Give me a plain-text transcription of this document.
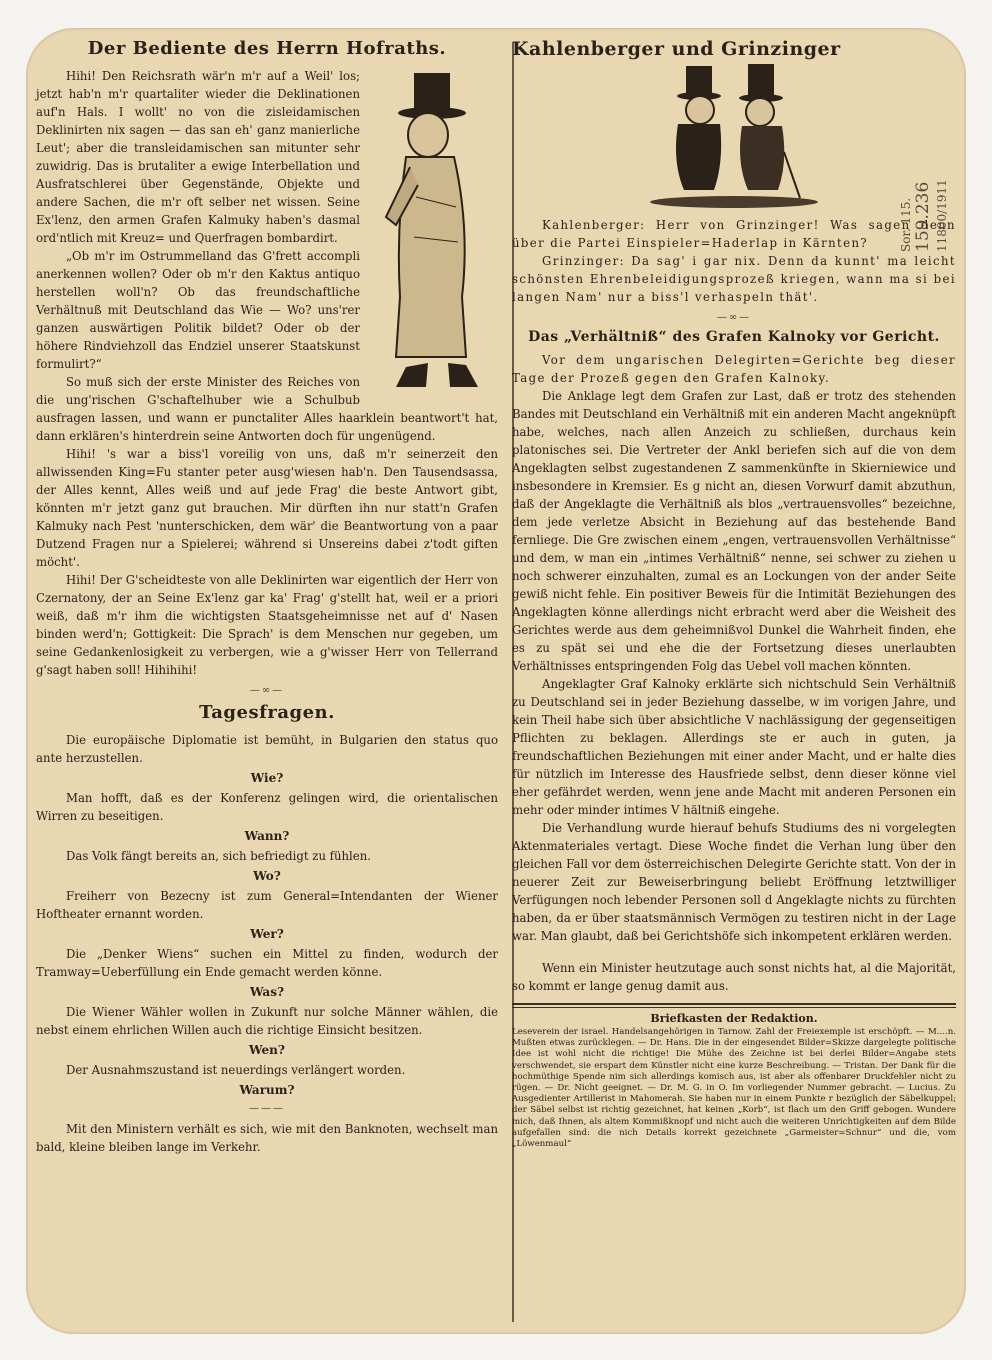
Der Bediente des Herrn Hofraths.

Hihi! Den Reichsrath wär'n m'r auf a Weil' los; jetzt hab'n m'r quartaliter wieder die Deklinationen auf'n Hals. I wollt' no von die zisleidamischen Deklinirten nix sagen — das san eh' ganz manierliche Leut'; aber die transleidamischen san mitunter sehr zuwidrig. Das is brutaliter a ewige Interbellation und Ausfratschlerei über Gegenstände, Objekte und andere Sachen, die m'r oft selber net wissen. Seine Ex'lenz, den armen Grafen Kalmuky haben's dasmal ord'ntlich mit Kreuz= und Querfragen bombardirt.

„Ob m'r im Ostrummelland das G'frett accompli anerkennen wollen? Oder ob m'r den Kaktus antiquo herstellen woll'n? Ob das freundschaftliche Verhältnuß mit Deutschland das Wie — Wo? uns'rer ganzen auswärtigen Politik bildet? Oder ob der höhere Rindviehzoll das Endziel unserer Staatskunst formulirt?“

So muß sich der erste Minister des Reiches von die ung'rischen G'schaftelhuber wie a Schulbub ausfragen lassen, und wann er punctaliter Alles haarklein beantwort't hat, dann erklären's hinterdrein seine Antworten doch für ungenügend.

Hihi! 's war a biss'l voreilig von uns, daß m'r seinerzeit den allwissenden King=Fu stanter peter ausg'wiesen hab'n. Den Tausendsassa, der Alles kennt, Alles weiß und auf jede Frag' die beste Antwort gibt, könnten m'r jetzt ganz gut brauchen. Mir dürften ihn nur statt'n Grafen Kalmuky nach Pest 'nunterschicken, dem wär' die Beantwortung von a paar Dutzend Fragen nur a Spielerei; während si Unsereins dabei z'todt giften möcht'.

Hihi! Der G'scheidteste von alle Deklinirten war eigentlich der Herr von Czernatony, der an Seine Ex'lenz gar ka' Frag' g'stellt hat, weil er a priori weiß, daß m'r ihm die wichtigsten Staatsgeheimnisse net auf d' Nasen binden werd'n; Gottigkeit: Die Sprach' is dem Menschen nur gegeben, um seine Gedankenlosigkeit zu verbergen, wie a g'wisser Herr von Tellerrand g'sagt haben soll! Hihihihi!

—∞—
Tagesfragen.

Die europäische Diplomatie ist bemüht, in Bulgarien den status quo ante herzustellen.

Wie?

Man hofft, daß es der Konferenz gelingen wird, die orientalischen Wirren zu beseitigen.

Wann?

Das Volk fängt bereits an, sich befriedigt zu fühlen.

Wo?

Freiherr von Bezecny ist zum General=Intendanten der Wiener Hoftheater ernannt worden.

Wer?

Die „Denker Wiens“ suchen ein Mittel zu finden, wodurch der Tramway=Ueberfüllung ein Ende gemacht werden könne.

Was?

Die Wiener Wähler wollen in Zukunft nur solche Männer wählen, die nebst einem ehrlichen Willen auch die richtige Einsicht besitzen.

Wen?

Der Ausnahmszustand ist neuerdings verlängert worden.

Warum?
———

Mit den Ministern verhält es sich, wie mit den Banknoten, wechselt man bald, kleine bleiben lange im Verkehr.

Kahlenberger und Grinzinger

Kahlenberger: Herr von Grinzinger! Was sagen denn über die Partei Einspieler=Haderlap in Kärnten?

Grinzinger: Da sag' i gar nix. Denn da kunnt' ma leicht schönsten Ehrenbeleidigungsprozeß kriegen, wann ma si bei langen Nam' nur a biss'l verhaspeln thät'.

—∞—
Das „Verhältniß“ des Grafen Kalnoky vor Gericht.

Vor dem ungarischen Delegirten=Gerichte beg dieser Tage der Prozeß gegen den Grafen Kalnoky.

Die Anklage legt dem Grafen zur Last, daß er trotz des stehenden Bandes mit Deutschland ein Verhältniß mit ein anderen Macht angeknüpft habe, welches, nach allen Anzeich zu schließen, durchaus kein platonisches sei. Die Vertreter der Ankl beriefen sich auf die von dem Angeklagten selbst zugestandenen Z sammenkünfte in Skierniewice und insbesondere in Kremsier. Es g nicht an, diesen Vorwurf damit abzuthun, daß der Angeklagte die Verhältniß als blos „vertrauensvolles“ bezeichne, dem jede verletze Absicht in Beziehung auf das bestehende Band fernliege. Die Gre zwischen einem „engen, vertrauensvollen Verhältnisse“ und dem, w man ein „intimes Verhältniß“ nenne, sei schwer zu ziehen u noch schwerer einzuhalten, zumal es an Lockungen von der ander Seite gewiß nicht fehle. Ein positiver Beweis für die Intimität Beziehungen des Angeklagten könne allerdings nicht erbracht werd aber die Weisheit des Gerichtes werde aus dem geheimnißvol Dunkel die Wahrheit finden, ehe es zu spät sei und ehe die der Fortsetzung dieses unerlaubten Verhältnisses entspringenden Folg das Uebel voll machen könnten.

Angeklagter Graf Kalnoky erklärte sich nichtschuld Sein Verhältniß zu Deutschland sei in jeder Beziehung dasselbe, w im vorigen Jahre, und kein Theil habe sich über absichtliche V nachlässigung der gegenseitigen Pflichten zu beklagen. Allerdings ste er auch in guten, ja freundschaftlichen Beziehungen mit einer ander Macht, und er halte dies für nützlich im Interesse des Hausfriede selbst, denn dieser könne viel eher gefährdet werden, wenn jene ande Macht mit anderen Personen ein mehr oder minder intimes V hältniß eingehe.

Die Verhandlung wurde hierauf behufs Studiums des ni vorgelegten Aktenmateriales vertagt. Diese Woche findet die Verhan lung über den gleichen Fall vor dem österreichischen Delegirte Gerichte statt. Von der in neuerer Zeit zur Beweiserbringung beliebt Eröffnung letztwilliger Verfügungen noch lebender Personen soll d Angeklagte nichts zu fürchten haben, da er über staatsmännisch Vermögen zu testiren nicht in der Lage war. Man glaubt, daß bei Gerichtshöfe sich inkompetent erklären werden.

Wenn ein Minister heutzutage auch sonst nichts hat, al die Majorität, so kommt er lange genug damit aus.

Briefkasten der Redaktion.

Leseverein der israel. Handelsangehörigen in Tarnow. Zahl der Freiexemple ist erschöpft. — M....n. Mußten etwas zurücklegen. — Dr. Hans. Die in der eingesendet Bilder=Skizze dargelegte politische Idee ist wohl nicht die richtige! Die Mühe des Zeichne ist bei derlei Bilder=Angabe stets verschwendet, sie erspart dem Künstler nicht eine kurze Beschreibung. — Tristan. Der Dank für die hochmüthige Spende nim sich allerdings komisch aus, ist aber als offenbarer Druckfehler nicht zu rügen. — Dr. Nicht geeignet. — Dr. M. G. in O. Im vorliegender Nummer gebracht. — Lucius. Zu Ausgedienter Artillerist in Mahomerah. Sie haben nur in einem Punkte r bezüglich der Säbelkuppel; der Säbel selbst ist richtig gezeichnet, hat keinen „Korb“, ist flach um den Griff gebogen. Wundere mich, daß Ihnen, als altem Kommißknopf und nicht auch die weiteren Unrichtigkeiten auf dem Bilde aufgefallen sind: die nich Details korrekt gezeichnete „Garmeister=Schnur“ und die, vom „Löwenmaul“

Sor. 115. 159.236 11800/1911
